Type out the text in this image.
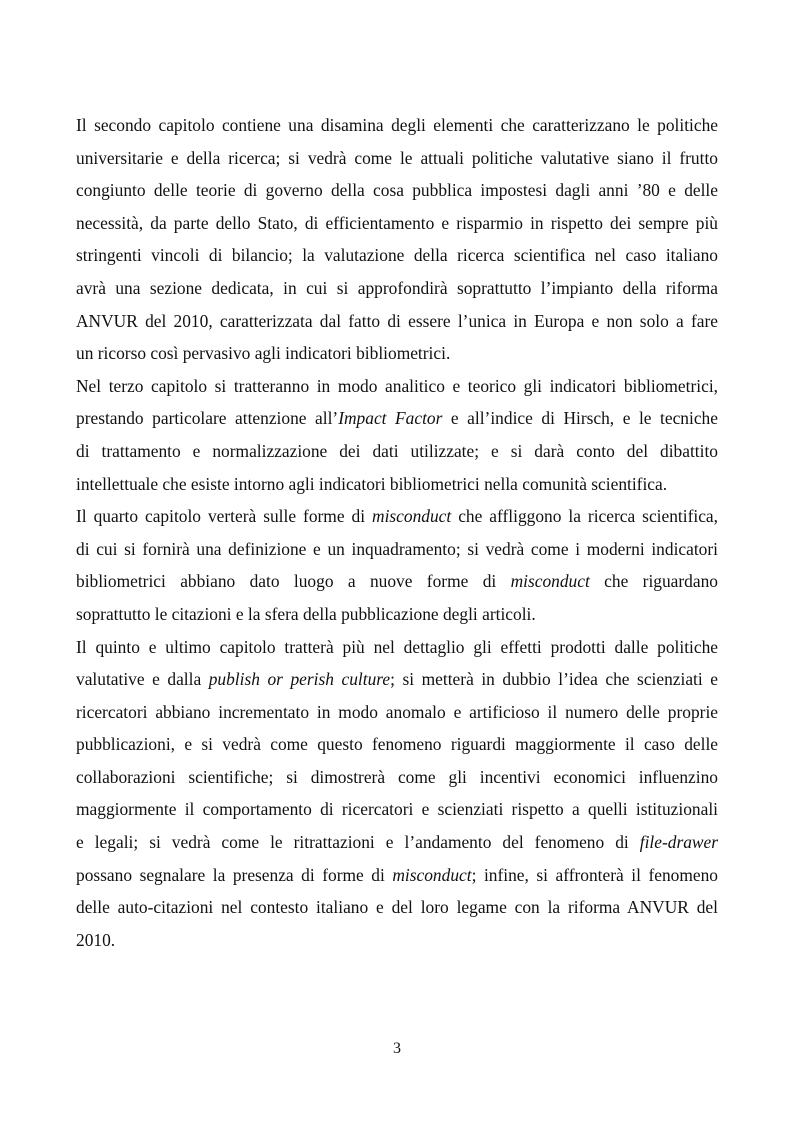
Il secondo capitolo contiene una disamina degli elementi che caratterizzano le politiche
universitarie e della ricerca; si vedrà come le attuali politiche valutative siano il frutto
congiunto delle teorie di governo della cosa pubblica impostesi dagli anni ’80 e delle
necessità, da parte dello Stato, di efficientamento e risparmio in rispetto dei sempre più
stringenti vincoli di bilancio; la valutazione della ricerca scientifica nel caso italiano
avrà una sezione dedicata, in cui si approfondirà soprattutto l’impianto della riforma
ANVUR del 2010, caratterizzata dal fatto di essere l’unica in Europa e non solo a fare
un ricorso così pervasivo agli indicatori bibliometrici.
Nel terzo capitolo si tratteranno in modo analitico e teorico gli indicatori bibliometrici,
prestando particolare attenzione all’Impact Factor e all’indice di Hirsch, e le tecniche
di trattamento e normalizzazione dei dati utilizzate; e si darà conto del dibattito
intellettuale che esiste intorno agli indicatori bibliometrici nella comunità scientifica.
Il quarto capitolo verterà sulle forme di misconduct che affliggono la ricerca scientifica,
di cui si fornirà una definizione e un inquadramento; si vedrà come i moderni indicatori
bibliometrici abbiano dato luogo a nuove forme di misconduct che riguardano
soprattutto le citazioni e la sfera della pubblicazione degli articoli.
Il quinto e ultimo capitolo tratterà più nel dettaglio gli effetti prodotti dalle politiche
valutative e dalla publish or perish culture; si metterà in dubbio l’idea che scienziati e
ricercatori abbiano incrementato in modo anomalo e artificioso il numero delle proprie
pubblicazioni, e si vedrà come questo fenomeno riguardi maggiormente il caso delle
collaborazioni scientifiche; si dimostrerà come gli incentivi economici influenzino
maggiormente il comportamento di ricercatori e scienziati rispetto a quelli istituzionali
e legali; si vedrà come le ritrattazioni e l’andamento del fenomeno di file-drawer
possano segnalare la presenza di forme di misconduct; infine, si affronterà il fenomeno
delle auto-citazioni nel contesto italiano e del loro legame con la riforma ANVUR del
2010.
3
